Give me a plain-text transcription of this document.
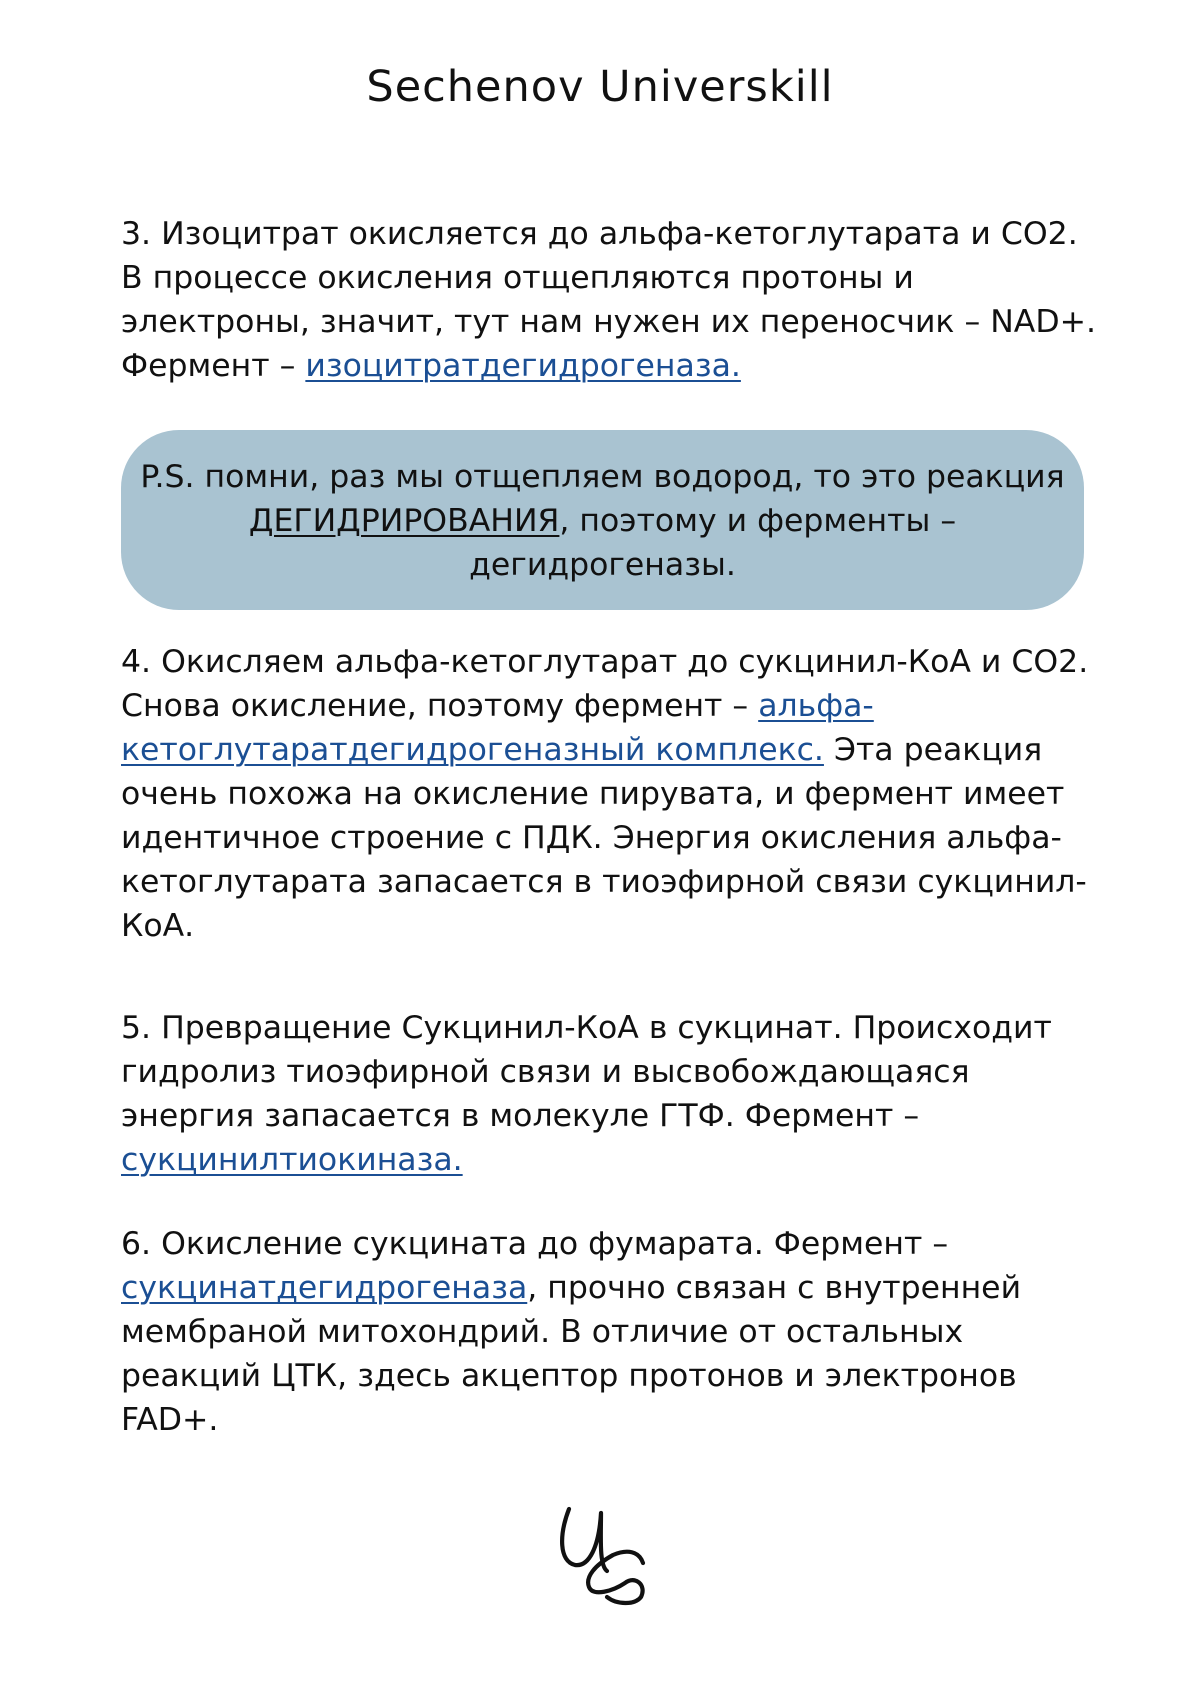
Sechenov Universkill

3. Изоцитрат окисляется до альфа-кетоглутарата и CO2. В процессе окисления отщепляются протоны и электроны, значит, тут нам нужен их переносчик – NAD+. Фермент – изоцитратдегидрогеназа.

P.S. помни, раз мы отщепляем водород, то это реакция ДЕГИДРИРОВАНИЯ, поэтому и ферменты – дегидрогеназы.

4. Окисляем альфа-кетоглутарат до сукцинил-КоА и CO2. Снова окисление, поэтому фермент – альфа-кетоглутаратдегидрогеназный комплекс. Эта реакция очень похожа на окисление пирувата, и фермент имеет идентичное строение с ПДК. Энергия окисления альфа-кетоглутарата запасается в тиоэфирной связи сукцинил-КоА.

5. Превращение Сукцинил-КоА в сукцинат. Происходит гидролиз тиоэфирной связи и высвобождающаяся энергия запасается в молекуле ГТФ. Фермент – сукцинилтиокиназа.

6. Окисление сукцината до фумарата. Фермент – сукцинатдегидрогеназа, прочно связан с внутренней мембраной митохондрий. В отличие от остальных реакций ЦТК, здесь акцептор протонов и электронов FAD+.
